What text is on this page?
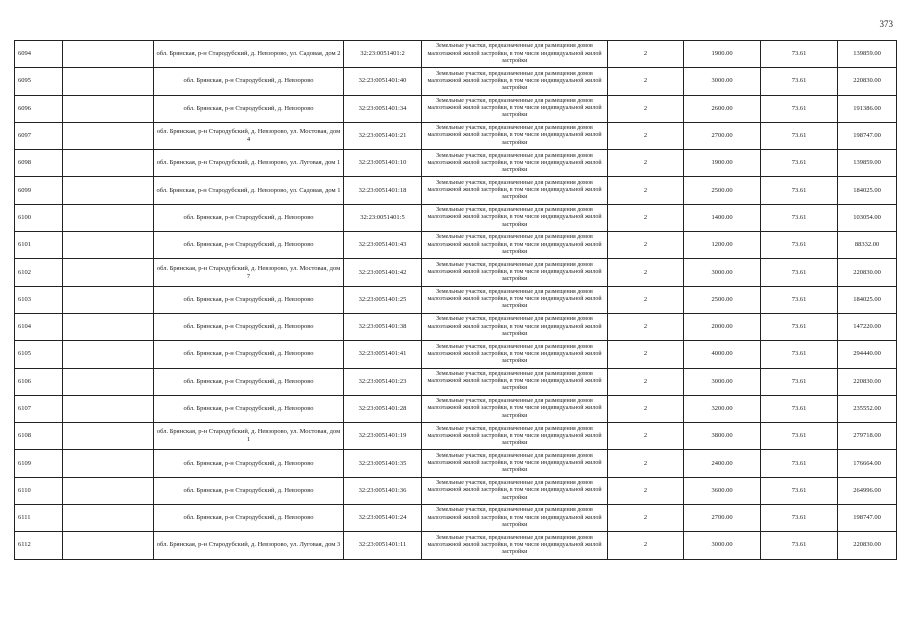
373
6094		обл. Брянская, р-н Стародубский, д. Невзорово, ул. Садовая, дом 2	32:23:0051401:2	Земельные участки, предназначенные для размещения домов малоэтажной жилой застройки, в том числе индивидуальной жилой застройки	2	1900.00	73.61	139859.00
6095		обл. Брянская, р-н Стародубский, д. Невзорово	32:23:0051401:40	Земельные участки, предназначенные для размещения домов малоэтажной жилой застройки, в том числе индивидуальной жилой застройки	2	3000.00	73.61	220830.00
6096		обл. Брянская, р-н Стародубский, д. Невзорово	32:23:0051401:34	Земельные участки, предназначенные для размещения домов малоэтажной жилой застройки, в том числе индивидуальной жилой застройки	2	2600.00	73.61	191386.00
6097		обл. Брянская, р-н Стародубский, д. Невзорово, ул. Мостовая, дом 4	32:23:0051401:21	Земельные участки, предназначенные для размещения домов малоэтажной жилой застройки, в том числе индивидуальной жилой застройки	2	2700.00	73.61	198747.00
6098		обл. Брянская, р-н Стародубский, д. Невзорово, ул. Луговая, дом 1	32:23:0051401:10	Земельные участки, предназначенные для размещения домов малоэтажной жилой застройки, в том числе индивидуальной жилой застройки	2	1900.00	73.61	139859.00
6099		обл. Брянская, р-н Стародубский, д. Невзорово, ул. Садовая, дом 1	32:23:0051401:18	Земельные участки, предназначенные для размещения домов малоэтажной жилой застройки, в том числе индивидуальной жилой застройки	2	2500.00	73.61	184025.00
6100		обл. Брянская, р-н Стародубский, д. Невзорово	32:23:0051401:5	Земельные участки, предназначенные для размещения домов малоэтажной жилой застройки, в том числе индивидуальной жилой застройки	2	1400.00	73.61	103054.00
6101		обл. Брянская, р-н Стародубский, д. Невзорово	32:23:0051401:43	Земельные участки, предназначенные для размещения домов малоэтажной жилой застройки, в том числе индивидуальной жилой застройки	2	1200.00	73.61	88332.00
6102		обл. Брянская, р-н Стародубский, д. Невзорово, ул. Мостовая, дом 7	32:23:0051401:42	Земельные участки, предназначенные для размещения домов малоэтажной жилой застройки, в том числе индивидуальной жилой застройки	2	3000.00	73.61	220830.00
6103		обл. Брянская, р-н Стародубский, д. Невзорово	32:23:0051401:25	Земельные участки, предназначенные для размещения домов малоэтажной жилой застройки, в том числе индивидуальной жилой застройки	2	2500.00	73.61	184025.00
6104		обл. Брянская, р-н Стародубский, д. Невзорово	32:23:0051401:38	Земельные участки, предназначенные для размещения домов малоэтажной жилой застройки, в том числе индивидуальной жилой застройки	2	2000.00	73.61	147220.00
6105		обл. Брянская, р-н Стародубский, д. Невзорово	32:23:0051401:41	Земельные участки, предназначенные для размещения домов малоэтажной жилой застройки, в том числе индивидуальной жилой застройки	2	4000.00	73.61	294440.00
6106		обл. Брянская, р-н Стародубский, д. Невзорово	32:23:0051401:23	Земельные участки, предназначенные для размещения домов малоэтажной жилой застройки, в том числе индивидуальной жилой застройки	2	3000.00	73.61	220830.00
6107		обл. Брянская, р-н Стародубский, д. Невзорово	32:23:0051401:28	Земельные участки, предназначенные для размещения домов малоэтажной жилой застройки, в том числе индивидуальной жилой застройки	2	3200.00	73.61	235552.00
6108		обл. Брянская, р-н Стародубский, д. Невзорово, ул. Мостовая, дом 1	32:23:0051401:19	Земельные участки, предназначенные для размещения домов малоэтажной жилой застройки, в том числе индивидуальной жилой застройки	2	3800.00	73.61	279718.00
6109		обл. Брянская, р-н Стародубский, д. Невзорово	32:23:0051401:35	Земельные участки, предназначенные для размещения домов малоэтажной жилой застройки, в том числе индивидуальной жилой застройки	2	2400.00	73.61	176664.00
6110		обл. Брянская, р-н Стародубский, д. Невзорово	32:23:0051401:36	Земельные участки, предназначенные для размещения домов малоэтажной жилой застройки, в том числе индивидуальной жилой застройки	2	3600.00	73.61	264996.00
6111		обл. Брянская, р-н Стародубский, д. Невзорово	32:23:0051401:24	Земельные участки, предназначенные для размещения домов малоэтажной жилой застройки, в том числе индивидуальной жилой застройки	2	2700.00	73.61	198747.00
6112		обл. Брянская, р-н Стародубский, д. Невзорово, ул. Луговая, дом 3	32:23:0051401:11	Земельные участки, предназначенные для размещения домов малоэтажной жилой застройки, в том числе индивидуальной жилой застройки	2	3000.00	73.61	220830.00
